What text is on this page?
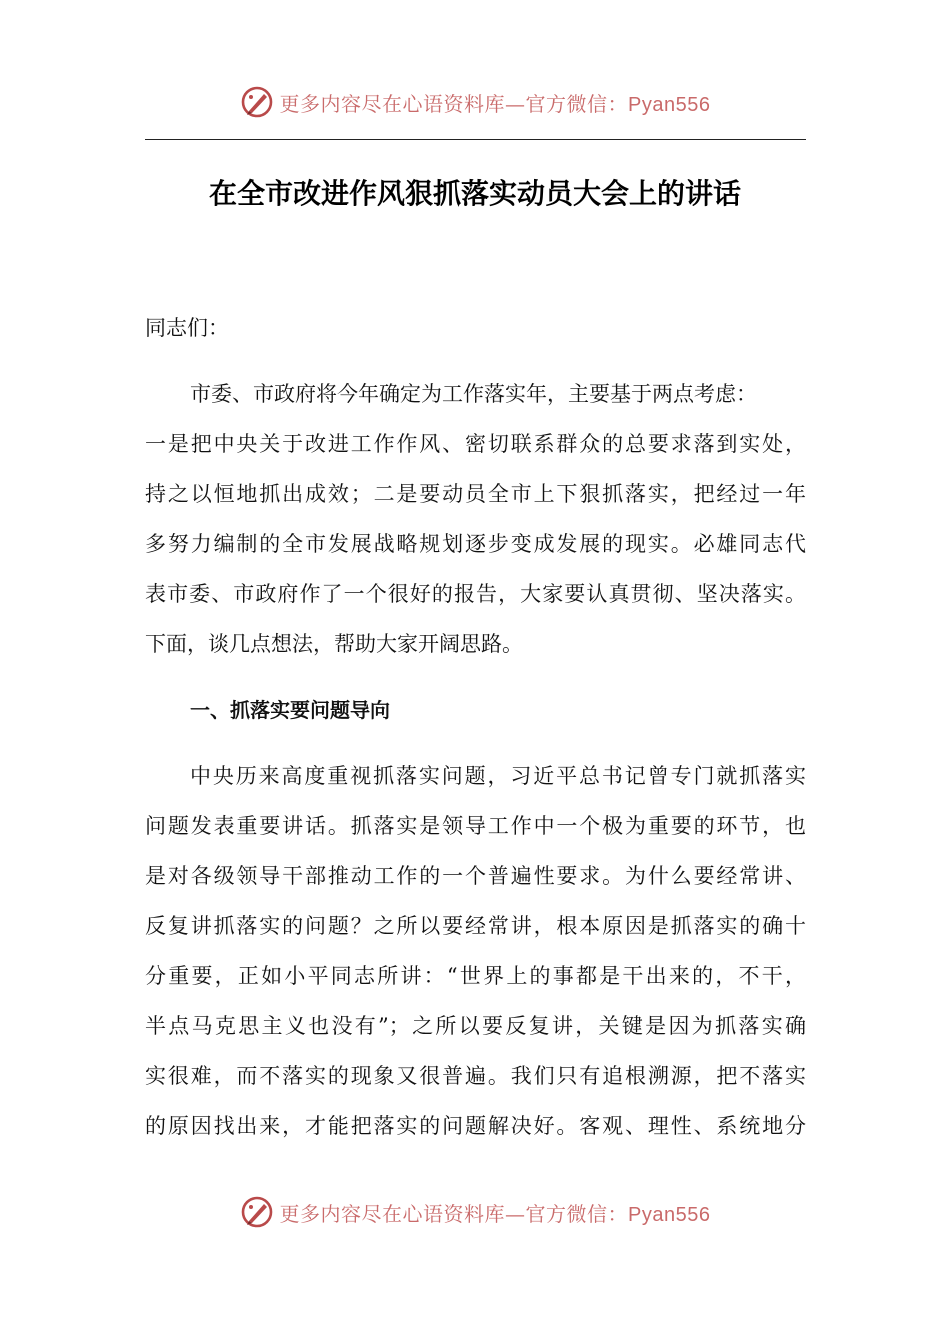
更多内容尽在心语资料库—官方微信：Pyan556
在全市改进作风狠抓落实动员大会上的讲话
同志们：
市委、市政府将今年确定为工作落实年，主要基于两点考虑：
一是把中央关于改进工作作风、密切联系群众的总要求落到实处，
持之以恒地抓出成效；二是要动员全市上下狠抓落实，把经过一年
多努力编制的全市发展战略规划逐步变成发展的现实。必雄同志代
表市委、市政府作了一个很好的报告，大家要认真贯彻、坚决落实。
下面，谈几点想法，帮助大家开阔思路。
一、抓落实要问题导向
中央历来高度重视抓落实问题，习近平总书记曾专门就抓落实
问题发表重要讲话。抓落实是领导工作中一个极为重要的环节，也
是对各级领导干部推动工作的一个普遍性要求。为什么要经常讲、
反复讲抓落实的问题？之所以要经常讲，根本原因是抓落实的确十
分重要，正如小平同志所讲：“世界上的事都是干出来的，不干，
半点马克思主义也没有”；之所以要反复讲，关键是因为抓落实确
实很难，而不落实的现象又很普遍。我们只有追根溯源，把不落实
的原因找出来，才能把落实的问题解决好。客观、理性、系统地分
更多内容尽在心语资料库—官方微信：Pyan556
